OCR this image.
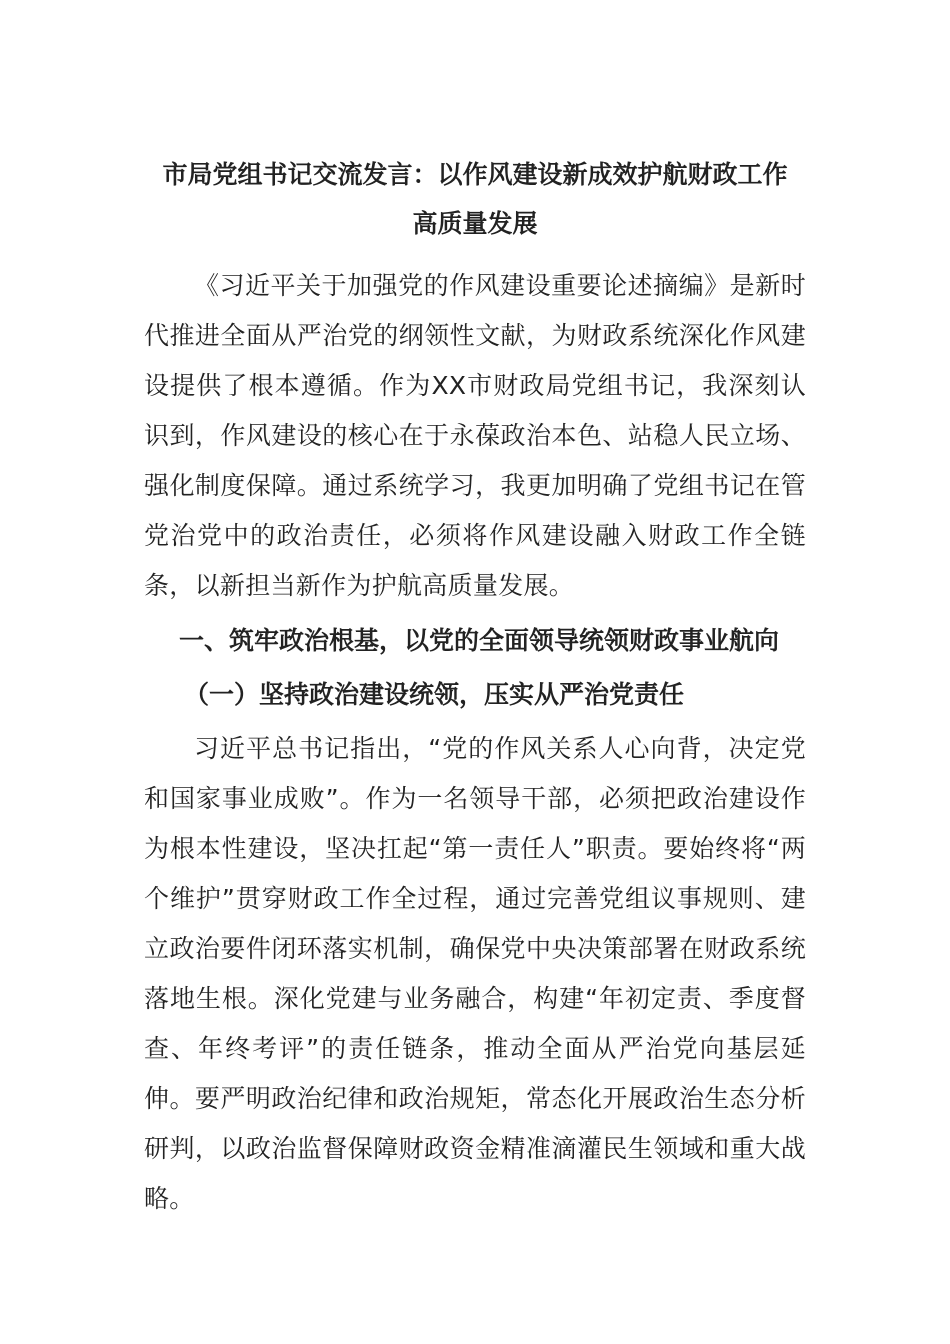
市局党组书记交流发言：以作风建设新成效护航财政工作
高质量发展

《习近平关于加强党的作风建设重要论述摘编》是新时代推进全面从严治党的纲领性文献，为财政系统深化作风建设提供了根本遵循。作为XX市财政局党组书记，我深刻认识到，作风建设的核心在于永葆政治本色、站稳人民立场、强化制度保障。通过系统学习，我更加明确了党组书记在管党治党中的政治责任，必须将作风建设融入财政工作全链条，以新担当新作为护航高质量发展。

一、筑牢政治根基，以党的全面领导统领财政事业航向
（一）坚持政治建设统领，压实从严治党责任

习近平总书记指出，“党的作风关系人心向背，决定党和国家事业成败”。作为一名领导干部，必须把政治建设作为根本性建设，坚决扛起“第一责任人”职责。要始终将“两个维护”贯穿财政工作全过程，通过完善党组议事规则、建立政治要件闭环落实机制，确保党中央决策部署在财政系统落地生根。深化党建与业务融合，构建“年初定责、季度督查、年终考评”的责任链条，推动全面从严治党向基层延伸。要严明政治纪律和政治规矩，常态化开展政治生态分析研判，以政治监督保障财政资金精准滴灌民生领域和重大战略。
